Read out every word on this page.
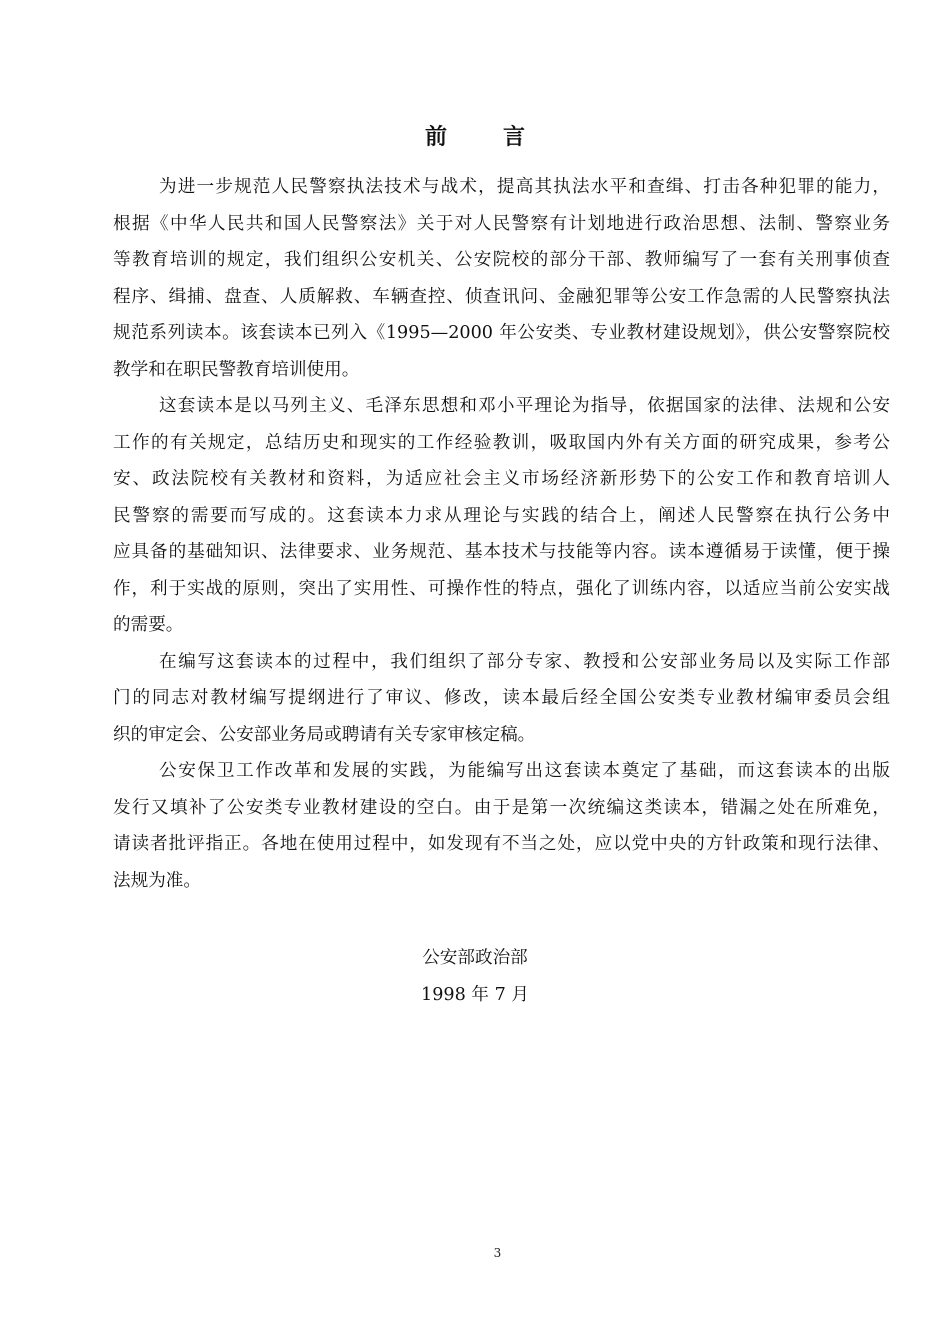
前	言
为进一步规范人民警察执法技术与战术，提高其执法水平和查缉、打击各种犯罪的能力，
根据《中华人民共和国人民警察法》关于对人民警察有计划地进行政治思想、法制、警察业务
等教育培训的规定，我们组织公安机关、公安院校的部分干部、教师编写了一套有关刑事侦查
程序、缉捕、盘查、人质解救、车辆查控、侦查讯问、金融犯罪等公安工作急需的人民警察执法
规范系列读本。该套读本已列入《1995—2000 年公安类、专业教材建设规划》，供公安警察院校
教学和在职民警教育培训使用。
这套读本是以马列主义、毛泽东思想和邓小平理论为指导，依据国家的法律、法规和公安
工作的有关规定，总结历史和现实的工作经验教训，吸取国内外有关方面的研究成果，参考公
安、政法院校有关教材和资料，为适应社会主义市场经济新形势下的公安工作和教育培训人
民警察的需要而写成的。这套读本力求从理论与实践的结合上，阐述人民警察在执行公务中
应具备的基础知识、法律要求、业务规范、基本技术与技能等内容。读本遵循易于读懂，便于操
作，利于实战的原则，突出了实用性、可操作性的特点，强化了训练内容，以适应当前公安实战
的需要。
在编写这套读本的过程中，我们组织了部分专家、教授和公安部业务局以及实际工作部
门的同志对教材编写提纲进行了审议、修改，读本最后经全国公安类专业教材编审委员会组
织的审定会、公安部业务局或聘请有关专家审核定稿。
公安保卫工作改革和发展的实践，为能编写出这套读本奠定了基础，而这套读本的出版
发行又填补了公安类专业教材建设的空白。由于是第一次统编这类读本，错漏之处在所难免，
请读者批评指正。各地在使用过程中，如发现有不当之处，应以党中央的方针政策和现行法律、
法规为准。
公安部政治部
1998 年 7 月
3
